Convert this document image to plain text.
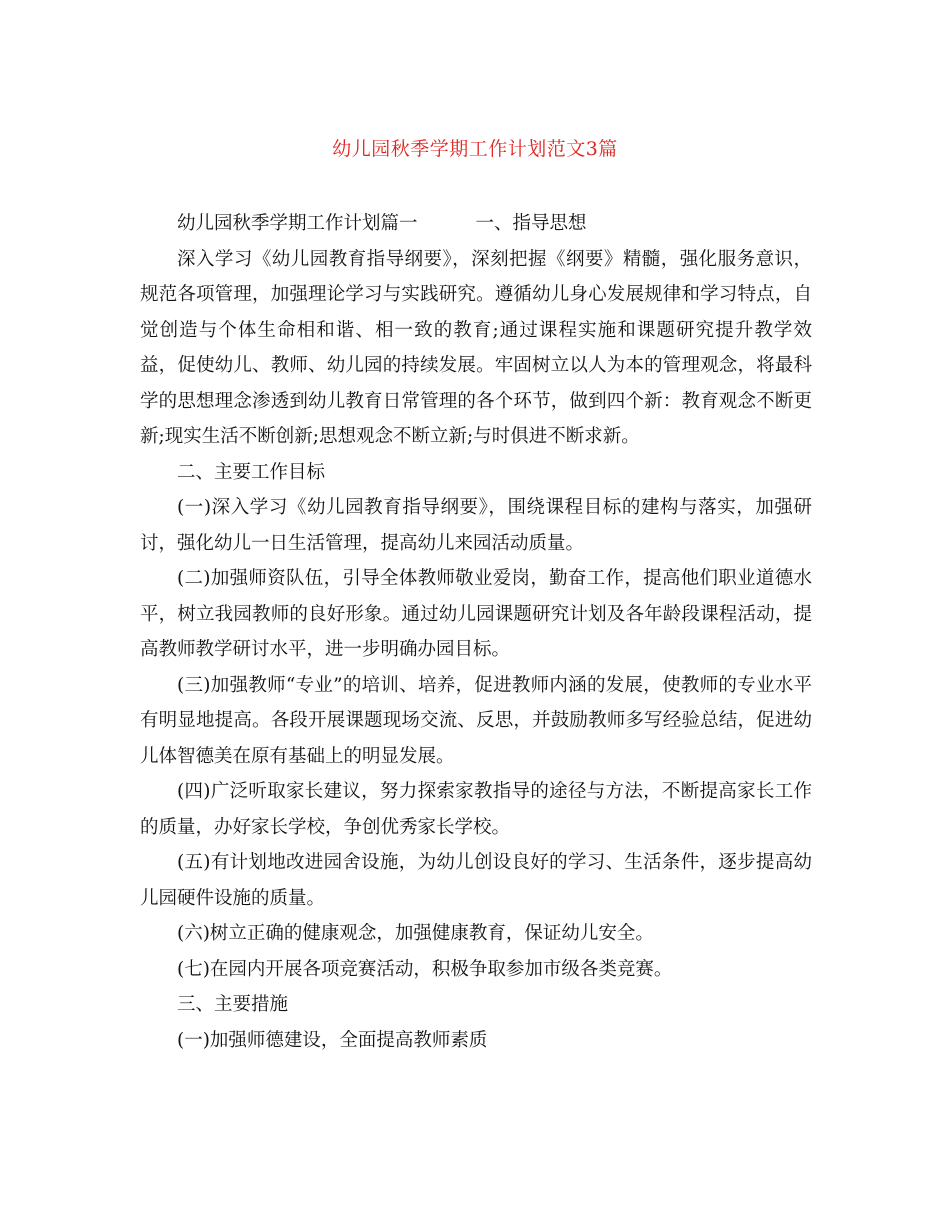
幼儿园秋季学期工作计划范文3篇

幼儿园秋季学期工作计划篇一	一、指导思想

深入学习《幼儿园教育指导纲要》，深刻把握《纲要》精髓，强化服务意识，规范各项管理，加强理论学习与实践研究。遵循幼儿身心发展规律和学习特点，自觉创造与个体生命相和谐、相一致的教育;通过课程实施和课题研究提升教学效益，促使幼儿、教师、幼儿园的持续发展。牢固树立以人为本的管理观念，将最科学的思想理念渗透到幼儿教育日常管理的各个环节，做到四个新：教育观念不断更新;现实生活不断创新;思想观念不断立新;与时俱进不断求新。

二、主要工作目标

(一)深入学习《幼儿园教育指导纲要》，围绕课程目标的建构与落实，加强研讨，强化幼儿一日生活管理，提高幼儿来园活动质量。

(二)加强师资队伍，引导全体教师敬业爱岗，勤奋工作，提高他们职业道德水平，树立我园教师的良好形象。通过幼儿园课题研究计划及各年龄段课程活动，提高教师教学研讨水平，进一步明确办园目标。

(三)加强教师“专业”的培训、培养，促进教师内涵的发展，使教师的专业水平有明显地提高。各段开展课题现场交流、反思，并鼓励教师多写经验总结，促进幼儿体智德美在原有基础上的明显发展。

(四)广泛听取家长建议，努力探索家教指导的途径与方法，不断提高家长工作的质量，办好家长学校，争创优秀家长学校。

(五)有计划地改进园舍设施，为幼儿创设良好的学习、生活条件，逐步提高幼儿园硬件设施的质量。

(六)树立正确的健康观念，加强健康教育，保证幼儿安全。

(七)在园内开展各项竞赛活动，积极争取参加市级各类竞赛。

三、主要措施

(一)加强师德建设，全面提高教师素质
